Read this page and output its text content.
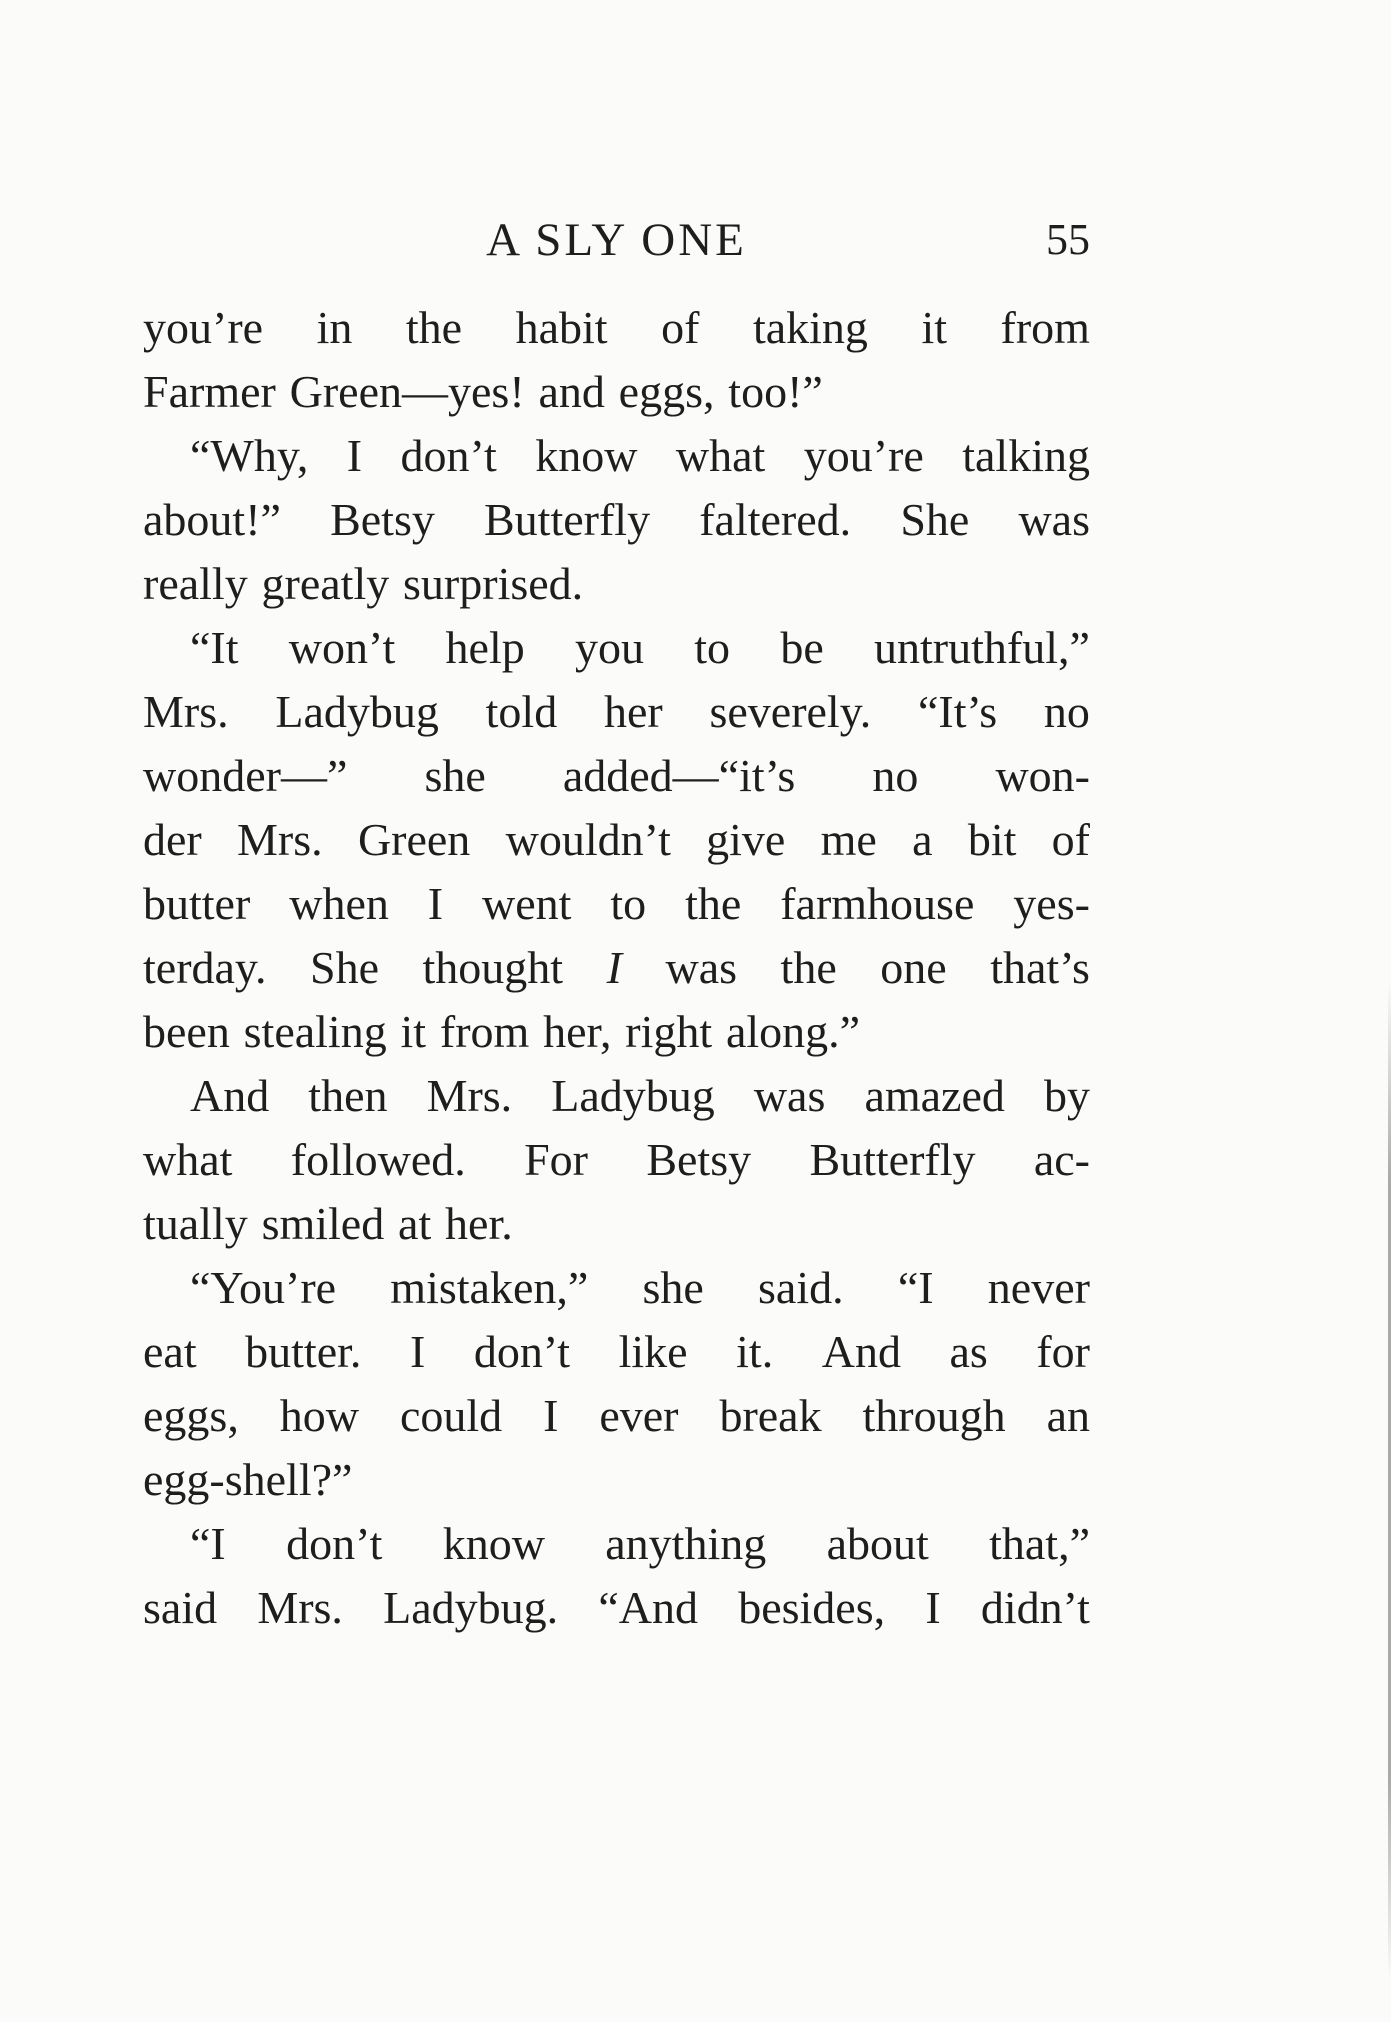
A SLY ONE	55
you’re in the habit of taking it from
Farmer Green—yes! and eggs, too!”
“Why, I don’t know what you’re talking
about!” Betsy Butterfly faltered. She was
really greatly surprised.
“It won’t help you to be untruthful,”
Mrs. Ladybug told her severely. “It’s no
wonder—” she added—“it’s no won-
der Mrs. Green wouldn’t give me a bit of
butter when I went to the farmhouse yes-
terday. She thought I was the one that’s
been stealing it from her, right along.”
And then Mrs. Ladybug was amazed by
what followed. For Betsy Butterfly ac-
tually smiled at her.
“You’re mistaken,” she said. “I never
eat butter. I don’t like it. And as for
eggs, how could I ever break through an
egg-shell?”
“I don’t know anything about that,”
said Mrs. Ladybug. “And besides, I didn’t
